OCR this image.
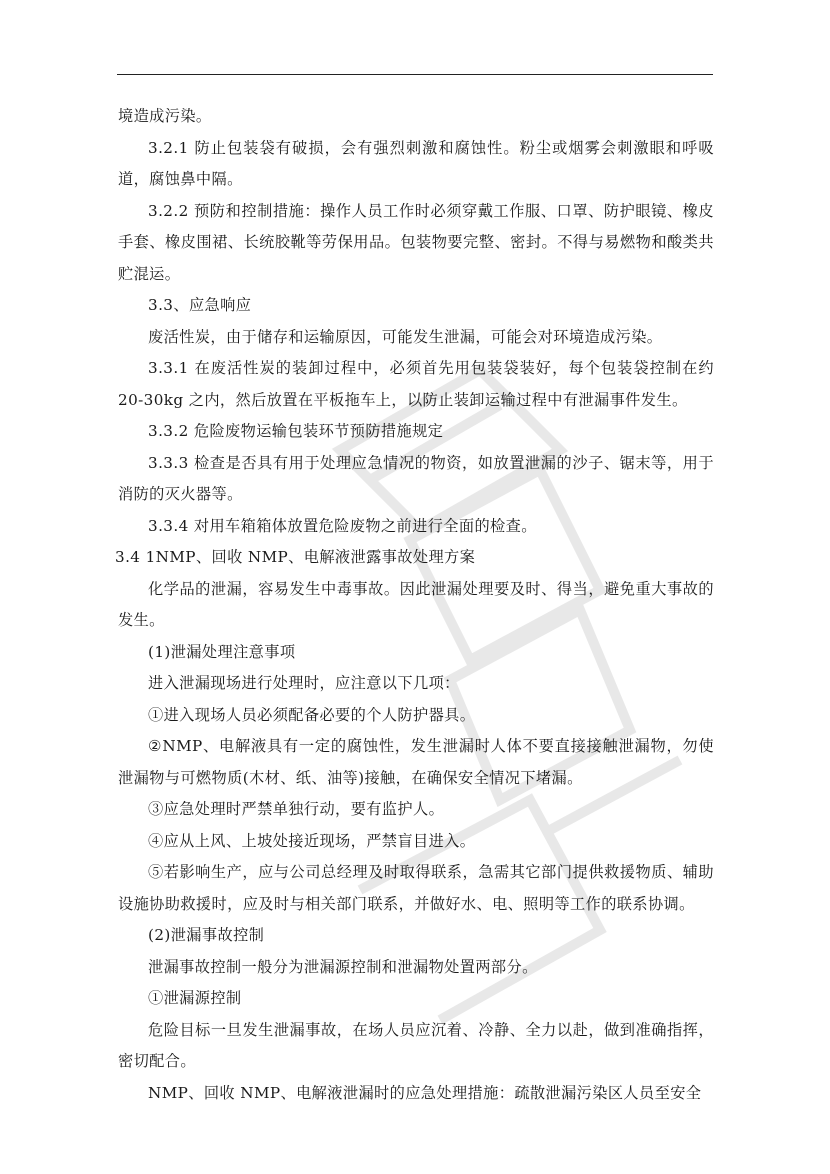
境造成污染。

3.2.1 防止包装袋有破损，会有强烈刺激和腐蚀性。粉尘或烟雾会刺激眼和呼吸道，腐蚀鼻中隔。

3.2.2 预防和控制措施：操作人员工作时必须穿戴工作服、口罩、防护眼镜、橡皮手套、橡皮围裙、长统胶靴等劳保用品。包装物要完整、密封。不得与易燃物和酸类共贮混运。

3.3、应急响应

废活性炭，由于储存和运输原因，可能发生泄漏，可能会对环境造成污染。

3.3.1 在废活性炭的装卸过程中，必须首先用包装袋装好，每个包装袋控制在约 20-30kg 之内，然后放置在平板拖车上，以防止装卸运输过程中有泄漏事件发生。

3.3.2 危险废物运输包装环节预防措施规定

3.3.3 检查是否具有用于处理应急情况的物资，如放置泄漏的沙子、锯末等，用于消防的灭火器等。

3.3.4 对用车箱箱体放置危险废物之前进行全面的检查。

3.4 1NMP、回收 NMP、电解液泄露事故处理方案

化学品的泄漏，容易发生中毒事故。因此泄漏处理要及时、得当，避免重大事故的发生。

(1)泄漏处理注意事项

进入泄漏现场进行处理时，应注意以下几项：

①进入现场人员必须配备必要的个人防护器具。

②NMP、电解液具有一定的腐蚀性，发生泄漏时人体不要直接接触泄漏物，勿使泄漏物与可燃物质(木材、纸、油等)接触，在确保安全情况下堵漏。

③应急处理时严禁单独行动，要有监护人。

④应从上风、上坡处接近现场，严禁盲目进入。

⑤若影响生产，应与公司总经理及时取得联系，急需其它部门提供救援物质、辅助设施协助救援时，应及时与相关部门联系，并做好水、电、照明等工作的联系协调。

(2)泄漏事故控制

泄漏事故控制一般分为泄漏源控制和泄漏物处置两部分。

①泄漏源控制

危险目标一旦发生泄漏事故，在场人员应沉着、冷静、全力以赴，做到准确指挥，密切配合。

NMP、回收 NMP、电解液泄漏时的应急处理措施：疏散泄漏污染区人员至安全
